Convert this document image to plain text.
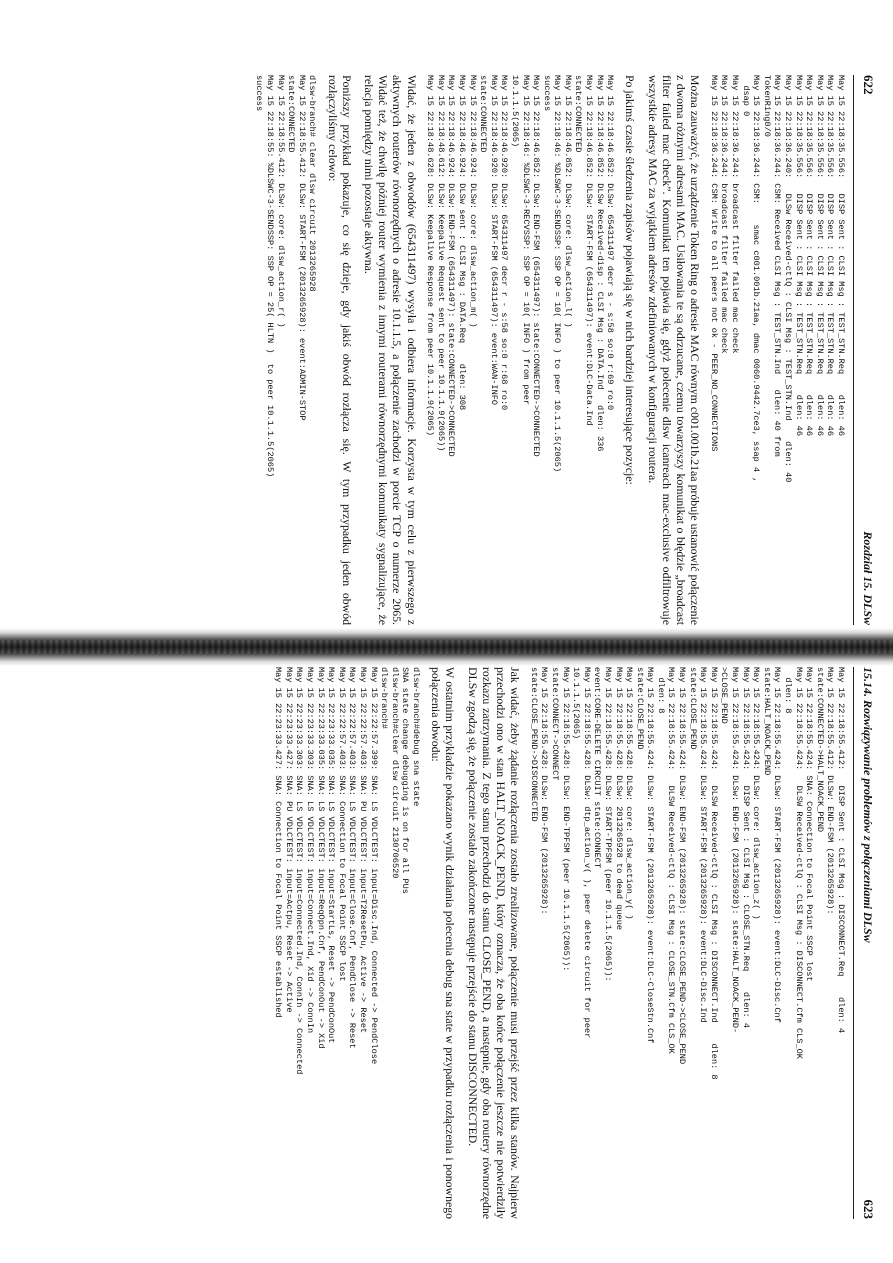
622
Rozdział 15. DLSw
May 15 22:18:35.556:   DISP Sent : CLSI Msg : TEST_STN.Req    dlen: 46
May 15 22:18:35.556:   DISP Sent : CLSI Msg : TEST_STN.Req    dlen: 46
May 15 22:18:35.556:   DISP Sent : CLSI Msg : TEST_STN.Req    dlen: 46
May 15 22:18:35.556:   DISP Sent : CLSI Msg : TEST_STN.Req    dlen: 46
May 15 22:18:35.556:   DISP Sent : CLSI Msg : TEST_STN.Req    dlen: 46
May 15 22:18:36.240:   DLSw Received-ctlQ : CLSI Msg : TEST_STN.Ind    dlen: 40
May 15 22:18:36.244: CSM: Received CLSI Msg : TEST_STN.Ind   dlen: 40 from
TokenRing0/0
May 15 22:18:36.244: CSM:    smac c001.001b.21aa, dmac 0060.9442.7ce3, ssap 4 ,
dsap 0
May 15 22:18:36.244: broadcast filter failed mac check
May 15 22:18:36.244: broadcast filter failed mac check
May 15 22:18:36.244: CSM: Write to all peers not ok - PEER_NO_CONNECTIONS

Można zauważyć, że urządzenie Token Ring o adresie MAC równym c001.001b.21aa próbuje ustanowić połączenie z dwoma różnymi adresami MAC. Usiłowania te są odrzucane, czemu towarzyszy komunikat o błędzie „broadcast filter failed mac check”. Komunikat ten pojawia się, gdyż polecenie dlsw icanreach mac-exclusive odfiltrowuje wszystkie adresy MAC za wyjątkiem adresów zdefiniowanych w konfiguracji routera.

Po jakimś czasie śledzenia zapisów pojawiają się w nich bardziej interesujące pozycje:

May 15 22:18:46.852: DLSw: 654311497 decr s - s:58 so:0 r:69 ro:0
May 15 22:18:46.852: DLSw Received-disp : CLSI Msg : DATA.Ind   dlen: 336
May 15 22:18:46.852: DLSw: START-FSM (654311497): event:DLC-Data.Ind
state:CONNECTED
May 15 22:18:46.852: DLSw: core: dlsw_action_l( )
May 15 22:18:46: %DLSWC-3-SENDSSP: SSP OP = 10( INFO ) to peer 10.1.1.5(2065)
success
May 15 22:18:46.852: DLSw: END-FSM (654311497): state:CONNECTED->CONNECTED
May 15 22:18:46: %DLSWC-3-RECVSSP: SSP OP = 10( INFO ) from peer
10.1.1.5(2065)
May 15 22:18:46.920: DLSw: 654311497 decr r - s:58 so:0 r:68 ro:0
May 15 22:18:46.920: DLSw: START-FSM (654311497): event:WAN-INFO
state:CONNECTED
May 15 22:18:46.924: DLSw: core: dlsw_action_m( )
May 15 22:18:46.924: DLSw sent : CLSI Msg : DATA.Req    dlen: 308
May 15 22:18:46.924: DLSw: END-FSM (654311497): state:CONNECTED->CONNECTED
May 15 22:18:48.612: DLSw: Keepalive Request sent to peer 10.1.1.9(2065))
May 15 22:18:48.628: DLSw: Keepalive Response from peer 10.1.1.9(2065)

Widać, że jeden z obwodów (654311497) wysyła i odbiera informacje. Korzysta w tym celu z pierwszego z aktywnych routerów równorzędnych o adresie 10.1.1.5, a połączenie zachodzi w porcie TCP o numerze 2065. Widać też, że chwilę później router wymienia z innymi routerami równorzędnymi komunikaty sygnalizujące, że relacja pomiędzy nimi pozostaje aktywna.

Poniższy przykład pokazuje, co się dzieje, gdy jakiś obwód rozłącza się. W tym przypadku jeden obwód rozłączyliśmy celowo:

dlsw-branch# clear dlsw circuit 2013265928
May 15 22:18:55.412: DLSw: START-FSM (2013265928): event:ADMIN-STOP
state:CONNECTED
May 15 22:18:55.412: DLSw: core: dlsw_action_r( )
May 15 22:18:55: %DLSWC-3-SENDSSP: SSP OP = 25( HLTN )  to peer 10.1.1.5(2065)
success
15.14. Rozwiązywanie problemów z połączeniami DLSw
623
May 15 22:18:55.412:   DISP Sent : CLSI Msg : DISCONNECT.Req    dlen: 4
May 15 22:18:55.412: DLSw: END-FSM (2013265928):
state:CONNECTED->HALT_NOACK_PEND
May 15 22:18:55.424: SNA: Connection to Focal Point SSCP lost
May 15 22:18:55.424:   DLSW Received-ctlQ : CLSI Msg : DISCONNECT.Cfm CLS_OK
dlen: 8
May 15 22:18:55.424: DLSw: START-FSM (2013265928): event:DLC-Disc.Cnf
state:HALT_NOACK_PEND
May 15 22:18:55.424: DLSw: core: dlsw_action_z( )
May 15 22:18:55.424:   DISP Sent : CLSI Msg : CLOSE_STN.Req    dlen: 4
May 15 22:18:55.424: DLSw: END-FSM (2013265928): state:HALT_NOACK_PEND-
>CLOSE_PEND
May 15 22:18:55.424:   DLSW Received-ctlQ : CLSI Msg : DISCONNECT.Ind    dlen: 8
May 15 22:18:55.424: DLSw: START-FSM (2013265928): event:DLC-Disc.Ind
state:CLOSE_PEND
May 15 22:18:55.424: DLSw: END-FSM (2013265928): state:CLOSE_PEND->CLOSE_PEND
May 15 22:18:55.424:   DLSW Received-ctlQ : CLSI Msg : CLOSE_STN.Cfm CLS_OK
dlen: 8
May 15 22:18:55.424: DLSw: START-FSM (2013265928): event:DLC-CloseStn.Cnf
state:CLOSE_PEND
May 15 22:18:55.428: DLSw: core: dlsw_action_y( )
May 15 22:18:55.428: DLSw: 2013265928 to dead queue
May 15 22:18:55.428: DLSw: START-TPFSM (peer 10.1.1.5(2065)):
event:CORE-DELETE CIRCUIT state:CONNECT
May 15 22:18:55.428: DLSw: dtp_action_v( ), peer delete circuit for peer
10.1.1.5(2065)
May 15 22:18:55.428: DLSw: END-TPFSM (peer 10.1.1.5(2065)):
state:CONNECT->CONNECT
May 15 22:18:55.428: DLSw: END-FSM (2013265928):
state:CLOSE_PEND->DISCONNECTED

Jak widać, żeby żądanie rozłączenia zostało zrealizowane, połączenie musi przejść przez kilka stanów. Najpierw przechodzi ono w stan HALT_NOACK_PEND, który oznacza, że oba końce połączenie jeszcze nie potwierdziły rozkazu zatrzymania. Z tego stanu przechodzi do stanu CLOSE_PEND, a następnie, gdy oba routery równorzędne DLSw zgodzą się, że połączenie zostało zakończone następuje przejście do stanu DISCONNECTED.

W ostatnim przykładzie pokazano wynik działania polecenia debug sna state w przypadku rozłączenia i ponownego połączenia obwodu:

dlsw-branch#debug sna state
SNA state change debugging is on for all PUs
dlsw-branch#clear dlsw circuit 2130706520
dlsw-branch#
May 15 22:22:57.399: SNA: LS VDLCTEST: input=Disc.Ind, Connected -> PendClose
May 15 22:22:57.403: SNA: PU VDLCTEST: input=T2ResetPu, Active -> Reset
May 15 22:22:57.403: SNA: LS VDLCTEST: input=Close.Cnf, PendClose -> Reset
May 15 22:22:57.403: SNA: Connection to Focal Point SSCP lost
May 15 22:23:33.035: SNA: LS VDLCTEST: input=StartLs, Reset -> PendConOut
May 15 22:23:33.035: SNA: LS VDLCTEST: input=ReqOpn.Cnf, PendConOut -> Xid
May 15 22:23:33.303: SNA: LS VDLCTEST: input=Connect.Ind, Xid -> ConnIn
May 15 22:23:33.303: SNA: LS VDLCTEST: input=Connected.Ind, ConnIn -> Connected
May 15 22:23:33.427: SNA: PU VDLCTEST: input=Actpu, Reset -> Active
May 15 22:23:33.427: SNA: Connection to Focal Point SSCP established
